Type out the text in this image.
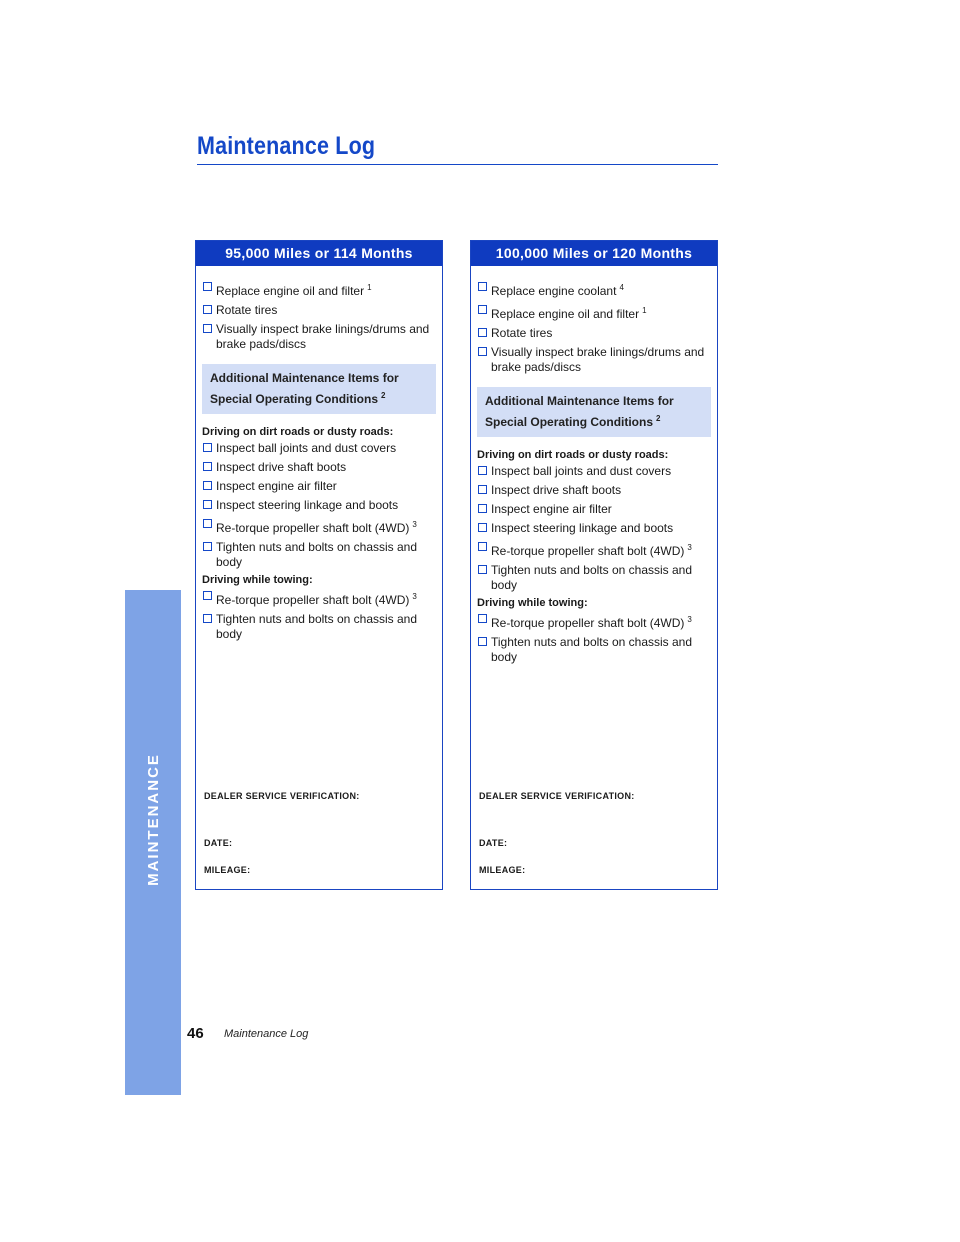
MAINTENANCE
Maintenance Log
95,000 Miles or 114 Months
Replace engine oil and filter $^1$
Rotate tires
Visually inspect brake linings/drums and brake pads/discs
Additional Maintenance Items for Special Operating Conditions $^2$
Driving on dirt roads or dusty roads:
Inspect ball joints and dust covers
Inspect drive shaft boots
Inspect engine air filter
Inspect steering linkage and boots
Re-torque propeller shaft bolt (4WD) $^3$
Tighten nuts and bolts on chassis and body
Driving while towing:
Re-torque propeller shaft bolt (4WD) $^3$
Tighten nuts and bolts on chassis and body
DEALER SERVICE VERIFICATION:
DATE:
MILEAGE:
100,000 Miles or 120 Months
Replace engine coolant $^4$
Replace engine oil and filter $^1$
Rotate tires
Visually inspect brake linings/drums and brake pads/discs
Additional Maintenance Items for Special Operating Conditions $^2$
Driving on dirt roads or dusty roads:
Inspect ball joints and dust covers
Inspect drive shaft boots
Inspect engine air filter
Inspect steering linkage and boots
Re-torque propeller shaft bolt (4WD) $^3$
Tighten nuts and bolts on chassis and body
Driving while towing:
Re-torque propeller shaft bolt (4WD) $^3$
Tighten nuts and bolts on chassis and body
DEALER SERVICE VERIFICATION:
DATE:
MILEAGE:
46 Maintenance Log
